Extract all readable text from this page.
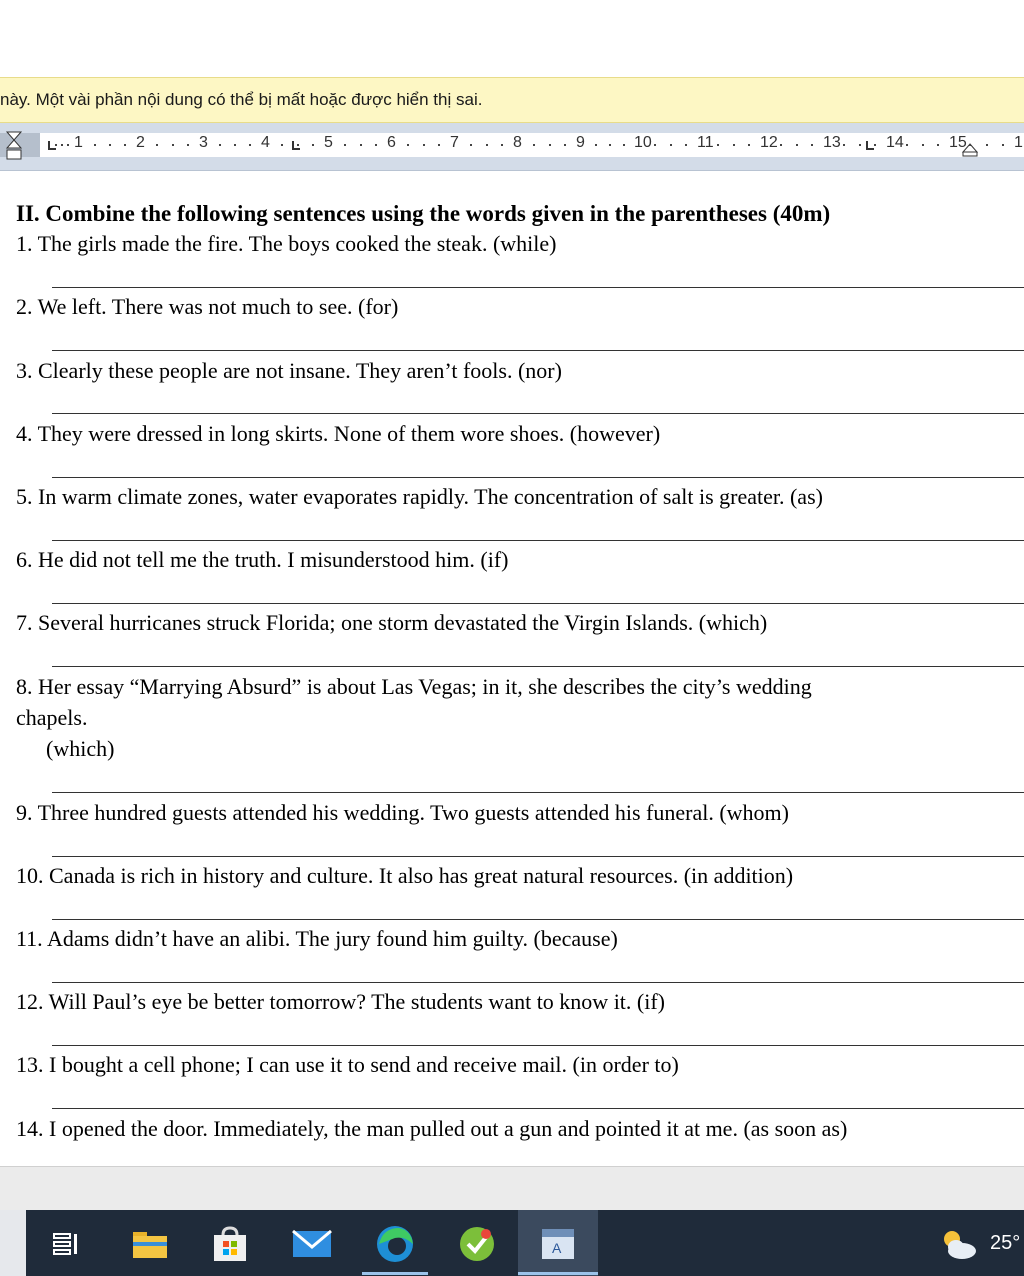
này. Một vài phần nội dung có thể bị mất hoặc được hiển thị sai.
1	2	3	4	5	6	7	8	9	10	11	12	13	14	15	1
II. Combine the following sentences using the words given in the parentheses (40m)
1. The girls made the fire. The boys cooked the steak. (while)
2. We left. There was not much to see. (for)
3. Clearly these people are not insane. They aren’t fools. (nor)
4. They were dressed in long skirts. None of them wore shoes. (however)
5. In warm climate zones, water evaporates rapidly. The concentration of salt is greater. (as)
6. He did not tell me the truth. I misunderstood him. (if)
7. Several hurricanes struck Florida; one storm devastated the Virgin Islands. (which)
8. Her essay “Marrying Absurd” is about Las Vegas; in it, she describes the city’s wedding
chapels.
(which)
9. Three hundred guests attended his wedding. Two guests attended his funeral. (whom)
10. Canada is rich in history and culture. It also has great natural resources. (in addition)
11. Adams didn’t have an alibi. The jury found him guilty. (because)
12. Will Paul’s eye be better tomorrow? The students want to know it. (if)
13. I bought a cell phone; I can use it to send and receive mail. (in order to)
14. I opened the door. Immediately, the man pulled out a gun and pointed it at me. (as soon as)
A	25°
